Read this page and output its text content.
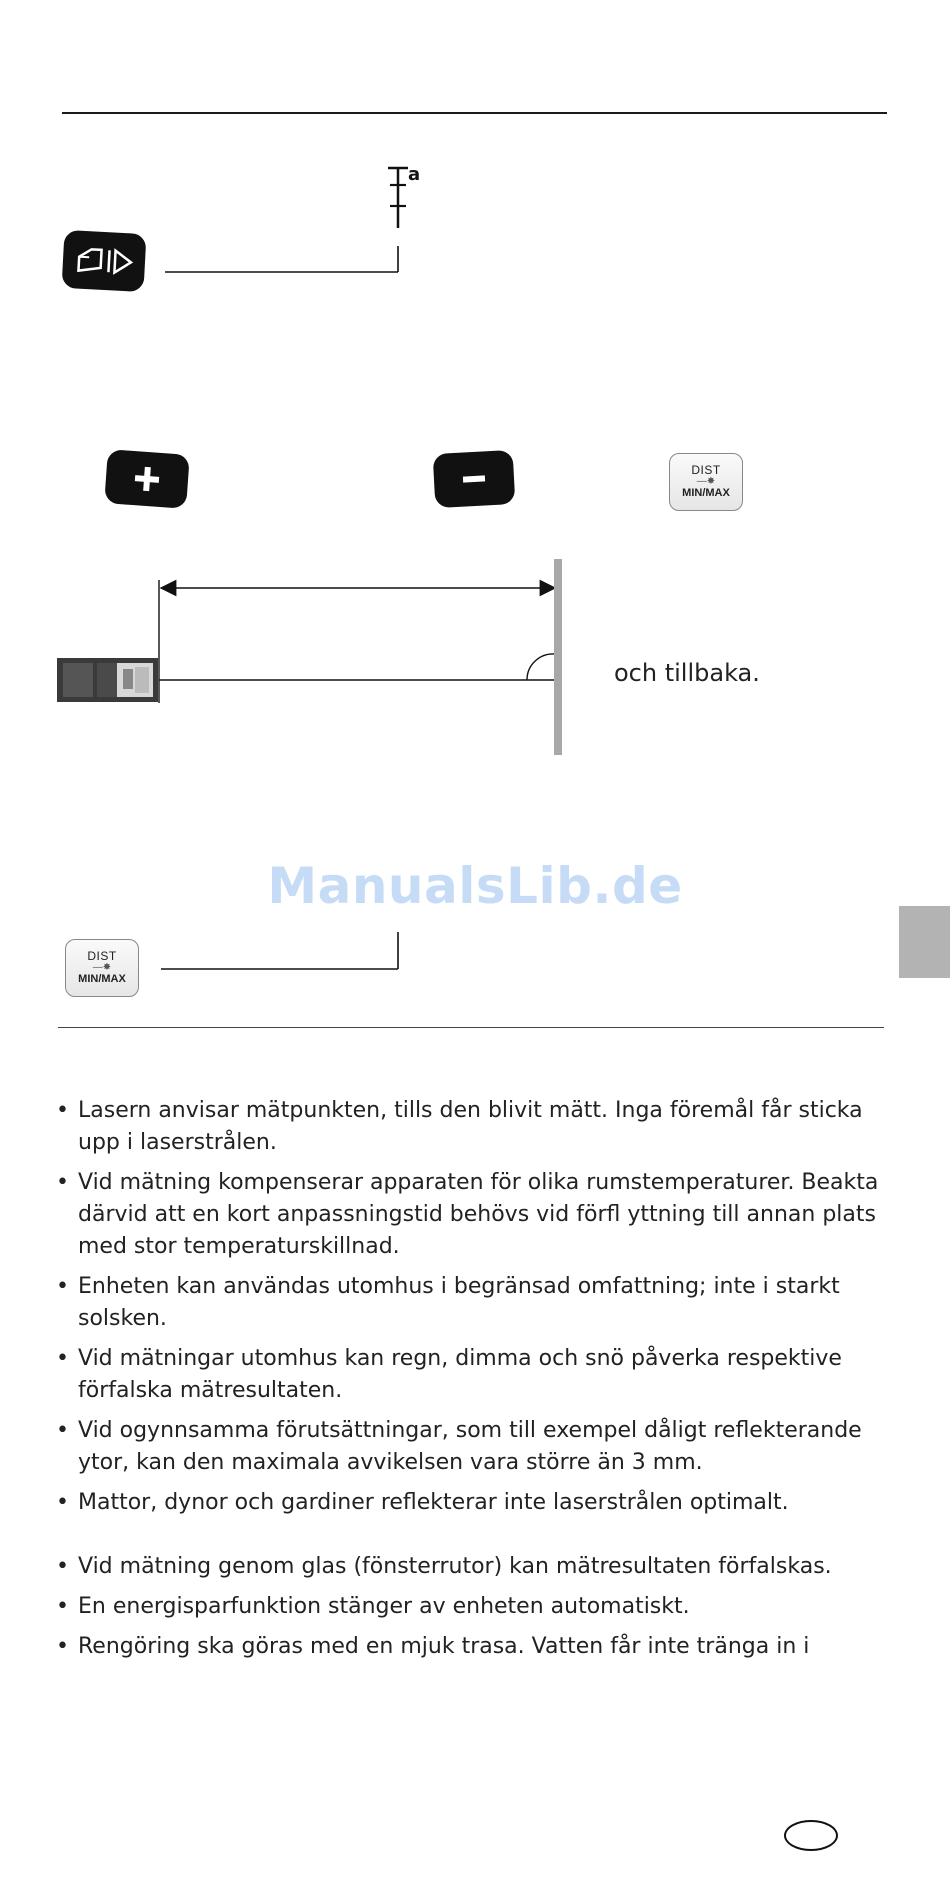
a
DIST
—✸
MIN/MAX
och tillbaka.
ManualsLib.de
DIST
—✸
MIN/MAX
• Lasern anvisar mätpunkten, tills den blivit mätt. Inga föremål får sticka upp i laserstrålen.
• Vid mätning kompenserar apparaten för olika rumstemperaturer. Beakta därvid att en kort anpassningstid behövs vid förfl yttning till annan plats med stor temperaturskillnad.
• Enheten kan användas utomhus i begränsad omfattning; inte i starkt solsken.
• Vid mätningar utomhus kan regn, dimma och snö påverka respektive förfalska mätresultaten.
• Vid ogynnsamma förutsättningar, som till exempel dåligt reflekterande ytor, kan den maximala avvikelsen vara större än 3 mm.
• Mattor, dynor och gardiner reflekterar inte laserstrålen optimalt.
• Vid mätning genom glas (fönsterrutor) kan mätresultaten förfalskas.
• En energisparfunktion stänger av enheten automatiskt.
• Rengöring ska göras med en mjuk trasa. Vatten får inte tränga in i
